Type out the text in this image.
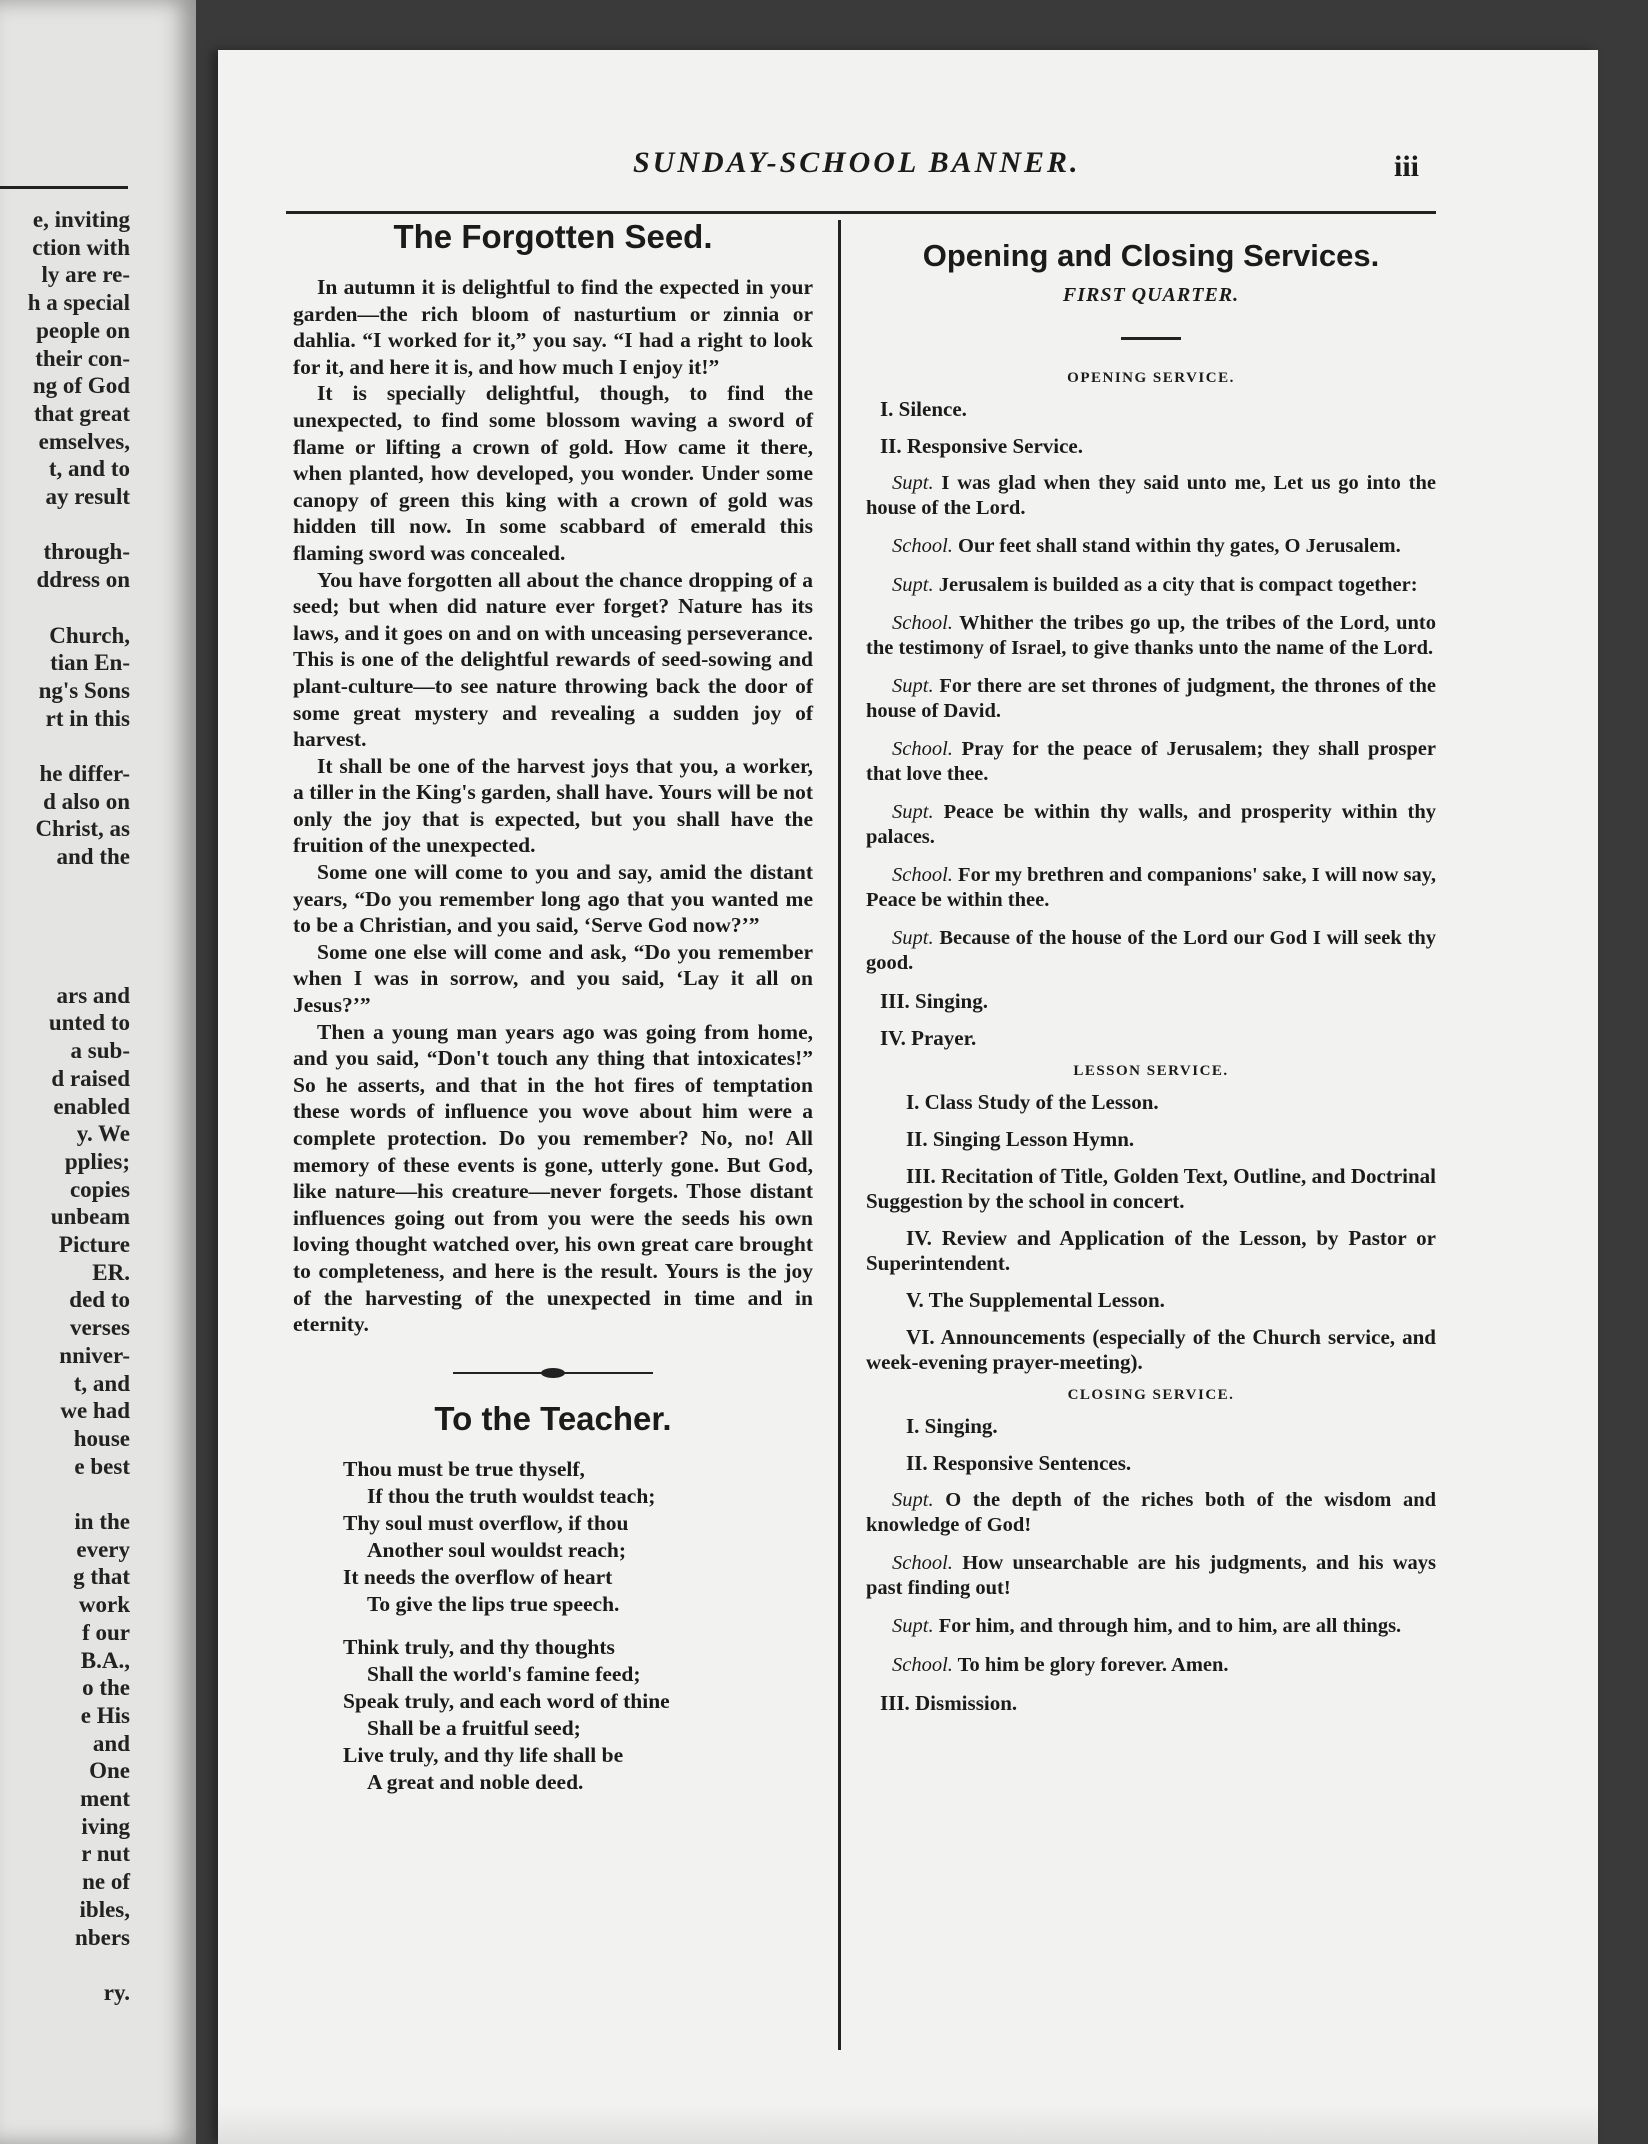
e, inviting
ction with
ly are re-
h a special
people on
their con-
ng of God
that great
emselves,
t, and to
ay result

through-
ddress on

Church,
tian En-
ng's Sons
rt in this

he differ-
d also on
Christ, as
and the

ars and
unted to
a sub-
d raised
enabled
y. We
pplies;
copies
unbeam
Picture
ER.
ded to
verses
nniver-
t, and
we had
house
e best

in the
every
g that
work
f our
B.A.,
o the
e His
and
One
ment
iving
r nut
ne of
ibles,
nbers

ry.
SUNDAY-SCHOOL BANNER.	iii
The Forgotten Seed.

In autumn it is delightful to find the expected in your garden—the rich bloom of nasturtium or zinnia or dahlia. “I worked for it,” you say. “I had a right to look for it, and here it is, and how much I enjoy it!”

It is specially delightful, though, to find the unexpected, to find some blossom waving a sword of flame or lifting a crown of gold. How came it there, when planted, how developed, you wonder. Under some canopy of green this king with a crown of gold was hidden till now. In some scabbard of emerald this flaming sword was concealed.

You have forgotten all about the chance dropping of a seed; but when did nature ever forget? Nature has its laws, and it goes on and on with unceasing perseverance. This is one of the delightful rewards of seed-sowing and plant-culture—to see nature throwing back the door of some great mystery and revealing a sudden joy of harvest.

It shall be one of the harvest joys that you, a worker, a tiller in the King's garden, shall have. Yours will be not only the joy that is expected, but you shall have the fruition of the unexpected.

Some one will come to you and say, amid the distant years, “Do you remember long ago that you wanted me to be a Christian, and you said, ‘Serve God now?’”

Some one else will come and ask, “Do you remember when I was in sorrow, and you said, ‘Lay it all on Jesus?’”

Then a young man years ago was going from home, and you said, “Don't touch any thing that intoxicates!” So he asserts, and that in the hot fires of temptation these words of influence you wove about him were a complete protection. Do you remember? No, no! All memory of these events is gone, utterly gone. But God, like nature—his creature—never forgets. Those distant influences going out from you were the seeds his own loving thought watched over, his own great care brought to completeness, and here is the result. Yours is the joy of the harvesting of the unexpected in time and in eternity.

To the Teacher.
Thou must be true thyself,
If thou the truth wouldst teach;
Thy soul must overflow, if thou
Another soul wouldst reach;
It needs the overflow of heart
To give the lips true speech.
Think truly, and thy thoughts
Shall the world's famine feed;
Speak truly, and each word of thine
Shall be a fruitful seed;
Live truly, and thy life shall be
A great and noble deed.
Opening and Closing Services.
FIRST QUARTER.
OPENING SERVICE.
I. Silence.
II. Responsive Service.
Supt. I was glad when they said unto me, Let us go into the house of the Lord.
School. Our feet shall stand within thy gates, O Jerusalem.
Supt. Jerusalem is builded as a city that is compact together:
School. Whither the tribes go up, the tribes of the Lord, unto the testimony of Israel, to give thanks unto the name of the Lord.
Supt. For there are set thrones of judgment, the thrones of the house of David.
School. Pray for the peace of Jerusalem; they shall prosper that love thee.
Supt. Peace be within thy walls, and prosperity within thy palaces.
School. For my brethren and companions' sake, I will now say, Peace be within thee.
Supt. Because of the house of the Lord our God I will seek thy good.
III. Singing.
IV. Prayer.
LESSON SERVICE.
I. Class Study of the Lesson.
II. Singing Lesson Hymn.
III. Recitation of Title, Golden Text, Outline, and Doctrinal Suggestion by the school in concert.
IV. Review and Application of the Lesson, by Pastor or Superintendent.
V. The Supplemental Lesson.
VI. Announcements (especially of the Church service, and week-evening prayer-meeting).
CLOSING SERVICE.
I. Singing.
II. Responsive Sentences.
Supt. O the depth of the riches both of the wisdom and knowledge of God!
School. How unsearchable are his judgments, and his ways past finding out!
Supt. For him, and through him, and to him, are all things.
School. To him be glory forever. Amen.
III. Dismission.
